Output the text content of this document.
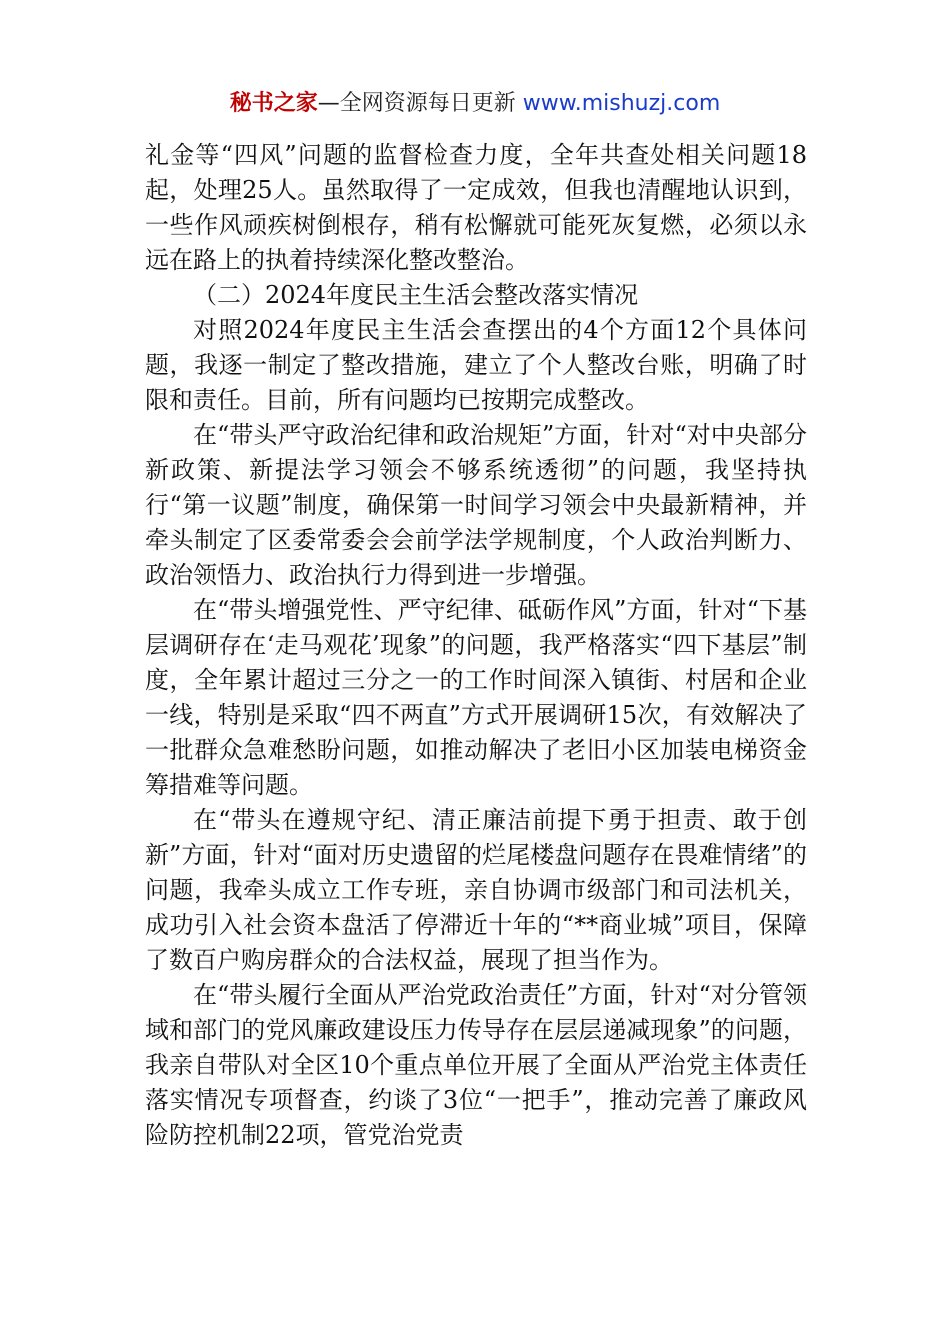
秘书之家—全网资源每日更新 www.mishuzj.com

礼金等“四风”问题的监督检查力度，全年共查处相关问题18起，处理25人。虽然取得了一定成效，但我也清醒地认识到，一些作风顽疾树倒根存，稍有松懈就可能死灰复燃，必须以永远在路上的执着持续深化整改整治。

（二）2024年度民主生活会整改落实情况

对照2024年度民主生活会查摆出的4个方面12个具体问题，我逐一制定了整改措施，建立了个人整改台账，明确了时限和责任。目前，所有问题均已按期完成整改。

在“带头严守政治纪律和政治规矩”方面，针对“对中央部分新政策、新提法学习领会不够系统透彻”的问题，我坚持执行“第一议题”制度，确保第一时间学习领会中央最新精神，并牵头制定了区委常委会会前学法学规制度，个人政治判断力、政治领悟力、政治执行力得到进一步增强。

在“带头增强党性、严守纪律、砥砺作风”方面，针对“下基层调研存在‘走马观花’现象”的问题，我严格落实“四下基层”制度，全年累计超过三分之一的工作时间深入镇街、村居和企业一线，特别是采取“四不两直”方式开展调研15次，有效解决了一批群众急难愁盼问题，如推动解决了老旧小区加装电梯资金筹措难等问题。

在“带头在遵规守纪、清正廉洁前提下勇于担责、敢于创新”方面，针对“面对历史遗留的烂尾楼盘问题存在畏难情绪”的问题，我牵头成立工作专班，亲自协调市级部门和司法机关，成功引入社会资本盘活了停滞近十年的“**商业城”项目，保障了数百户购房群众的合法权益，展现了担当作为。

在“带头履行全面从严治党政治责任”方面，针对“对分管领域和部门的党风廉政建设压力传导存在层层递减现象”的问题，我亲自带队对全区10个重点单位开展了全面从严治党主体责任落实情况专项督查，约谈了3位“一把手”，推动完善了廉政风险防控机制22项，管党治党责
